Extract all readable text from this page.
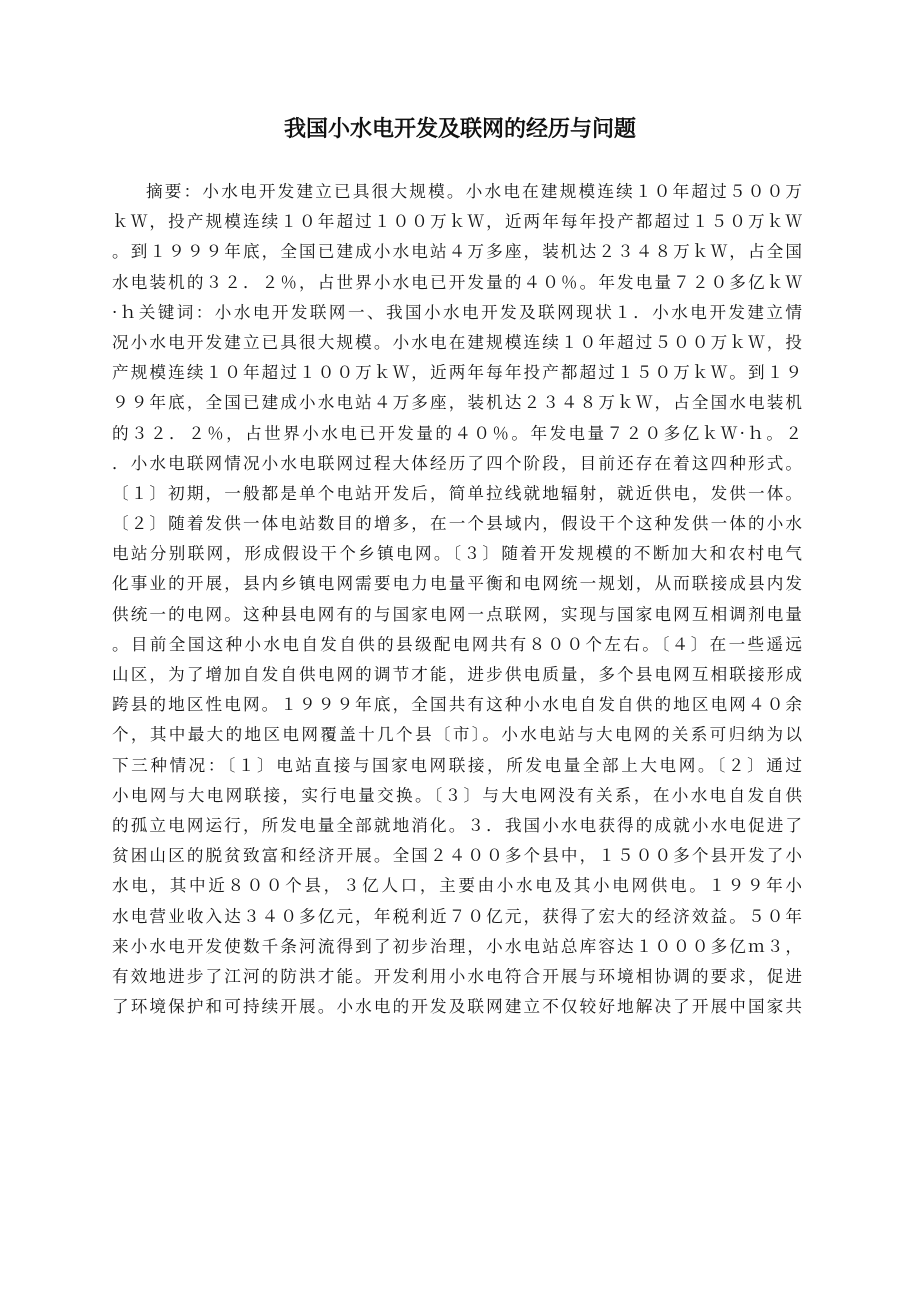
我国小水电开发及联网的经历与问题
摘要：小水电开发建立已具很大规模。小水电在建规模连续１０年超过５００万
ｋＷ，投产规模连续１０年超过１００万ｋＷ，近两年每年投产都超过１５０万ｋＷ
。到１９９９年底，全国已建成小水电站４万多座，装机达２３４８万ｋＷ，占全国
水电装机的３２．２％，占世界小水电已开发量的４０％。年发电量７２０多亿ｋＷ
·ｈ关键词：小水电开发联网一、我国小水电开发及联网现状１．小水电开发建立情
况小水电开发建立已具很大规模。小水电在建规模连续１０年超过５００万ｋＷ，投
产规模连续１０年超过１００万ｋＷ，近两年每年投产都超过１５０万ｋＷ。到１９
９９年底，全国已建成小水电站４万多座，装机达２３４８万ｋＷ，占全国水电装机
的３２．２％，占世界小水电已开发量的４０％。年发电量７２０多亿ｋＷ·ｈ。２
．小水电联网情况小水电联网过程大体经历了四个阶段，目前还存在着这四种形式。
〔１〕初期，一般都是单个电站开发后，简单拉线就地辐射，就近供电，发供一体。
〔２〕随着发供一体电站数目的增多，在一个县域内，假设干个这种发供一体的小水
电站分别联网，形成假设干个乡镇电网。〔３〕随着开发规模的不断加大和农村电气
化事业的开展，县内乡镇电网需要电力电量平衡和电网统一规划，从而联接成县内发
供统一的电网。这种县电网有的与国家电网一点联网，实现与国家电网互相调剂电量
。目前全国这种小水电自发自供的县级配电网共有８００个左右。〔４〕在一些遥远
山区，为了增加自发自供电网的调节才能，进步供电质量，多个县电网互相联接形成
跨县的地区性电网。１９９９年底，全国共有这种小水电自发自供的地区电网４０余
个，其中最大的地区电网覆盖十几个县〔市〕。小水电站与大电网的关系可归纳为以
下三种情况：〔１〕电站直接与国家电网联接，所发电量全部上大电网。〔２〕通过
小电网与大电网联接，实行电量交换。〔３〕与大电网没有关系，在小水电自发自供
的孤立电网运行，所发电量全部就地消化。３．我国小水电获得的成就小水电促进了
贫困山区的脱贫致富和经济开展。全国２４００多个县中，１５００多个县开发了小
水电，其中近８００个县，３亿人口，主要由小水电及其小电网供电。１９９年小
水电营业收入达３４０多亿元，年税利近７０亿元，获得了宏大的经济效益。５０年
来小水电开发使数千条河流得到了初步治理，小水电站总库容达１０００多亿ｍ３，
有效地进步了江河的防洪才能。开发利用小水电符合开展与环境相协调的要求，促进
了环境保护和可持续开展。小水电的开发及联网建立不仅较好地解决了开展中国家共
